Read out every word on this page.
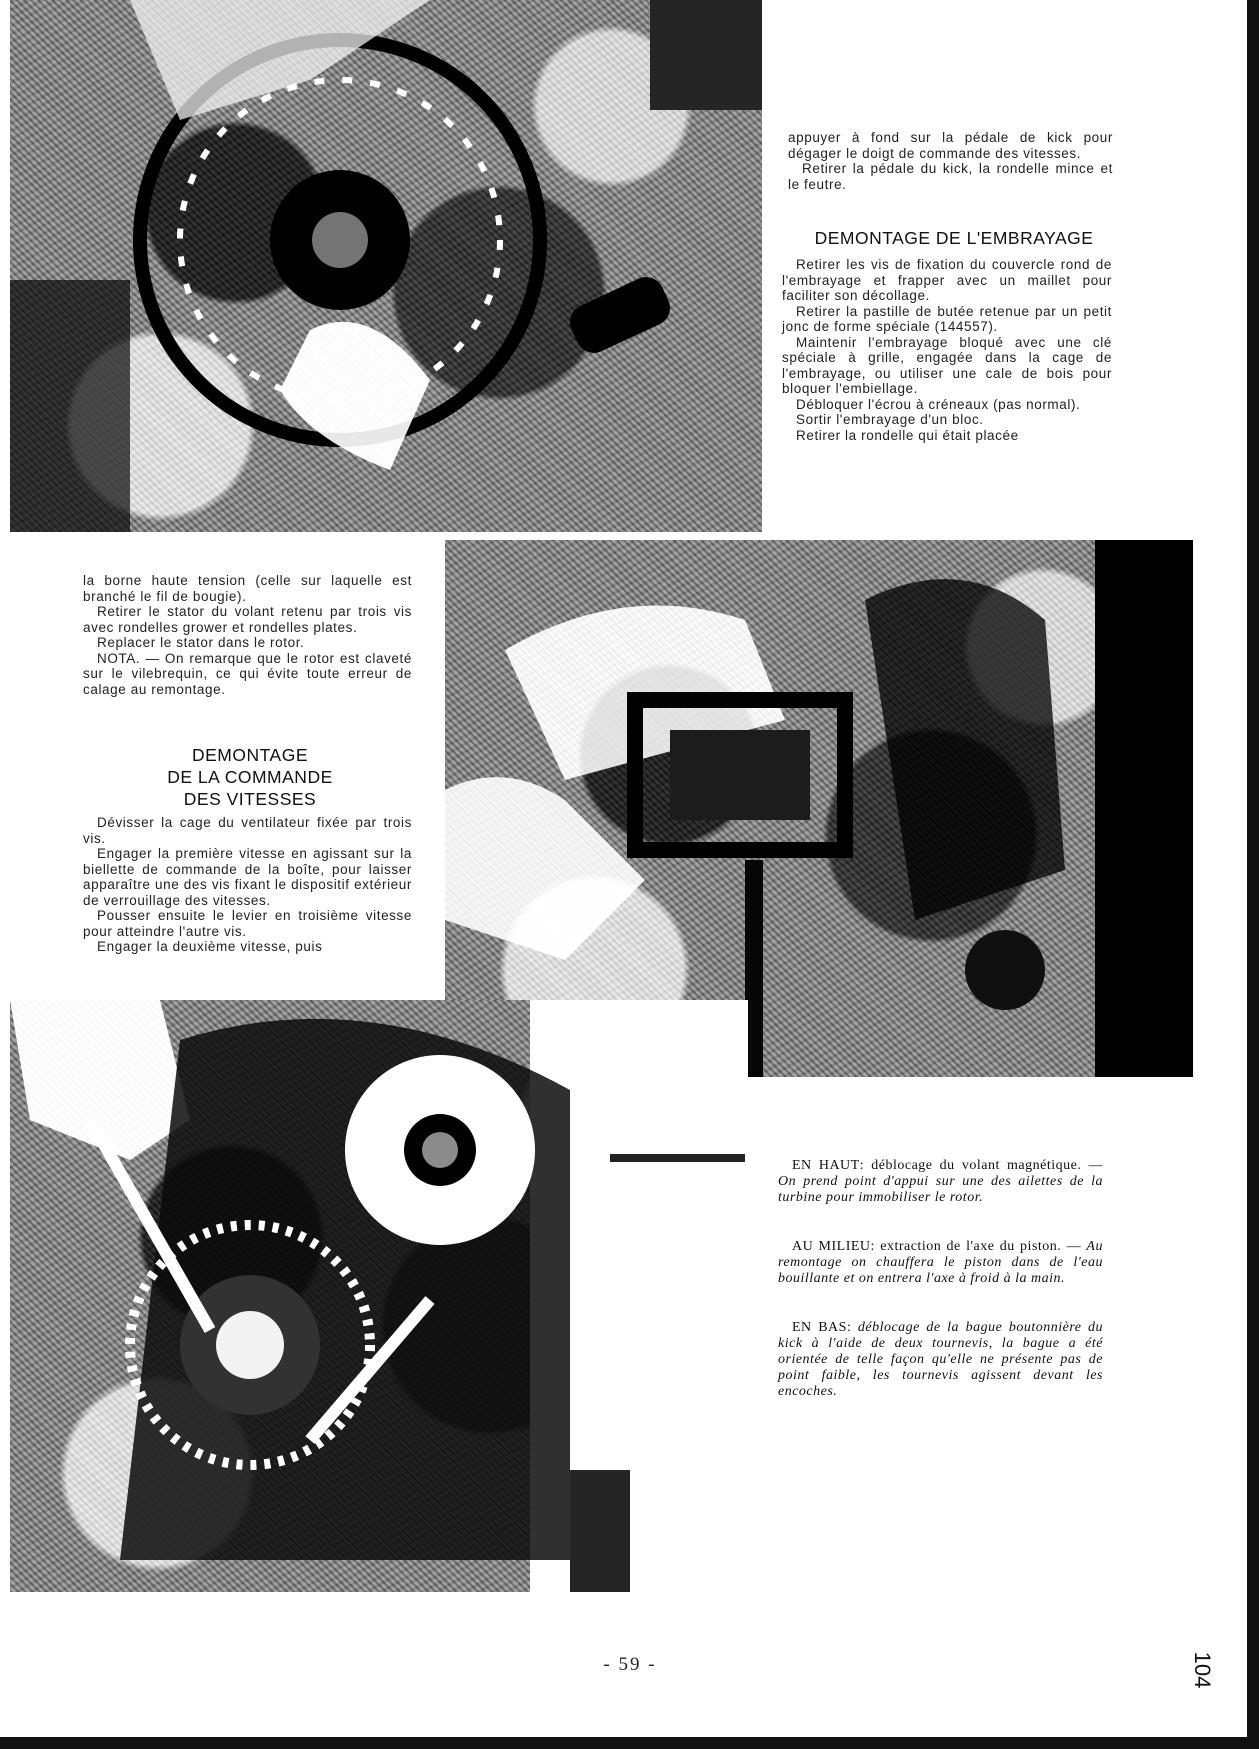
appuyer à fond sur la pédale de kick pour dégager le doigt de commande des vitesses.

Retirer la pédale du kick, la rondelle mince et le feutre.

DEMONTAGE DE L'EMBRAYAGE

Retirer les vis de fixation du couvercle rond de l'embrayage et frapper avec un maillet pour faciliter son décollage.

Retirer la pastille de butée retenue par un petit jonc de forme spéciale (144557).

Maintenir l'embrayage bloqué avec une clé spéciale à grille, engagée dans la cage de l'embrayage, ou utiliser une cale de bois pour bloquer l'embiellage.

Débloquer l'écrou à créneaux (pas normal).

Sortir l'embrayage d'un bloc.

Retirer la rondelle qui était placée

la borne haute tension (celle sur laquelle est branché le fil de bougie).

Retirer le stator du volant retenu par trois vis avec rondelles grower et rondelles plates.

Replacer le stator dans le rotor.

NOTA. — On remarque que le rotor est claveté sur le vilebrequin, ce qui évite toute erreur de calage au remontage.

DEMONTAGE
DE LA COMMANDE
DES VITESSES

Dévisser la cage du ventilateur fixée par trois vis.

Engager la première vitesse en agissant sur la biellette de commande de la boîte, pour laisser apparaître une des vis fixant le dispositif extérieur de verrouillage des vitesses.

Pousser ensuite le levier en troisième vitesse pour atteindre l'autre vis.

Engager la deuxième vitesse, puis

EN HAUT: déblocage du volant magnétique. — On prend point d'appui sur une des ailettes de la turbine pour immobiliser le rotor.

AU MILIEU: extraction de l'axe du piston. — Au remontage on chauffera le piston dans de l'eau bouillante et on entrera l'axe à froid à la main.

EN BAS: déblocage de la bague boutonnière du kick à l'aide de deux tournevis, la bague a été orientée de telle façon qu'elle ne présente pas de point faible, les tournevis agissent devant les encoches.

- 59 -	104
